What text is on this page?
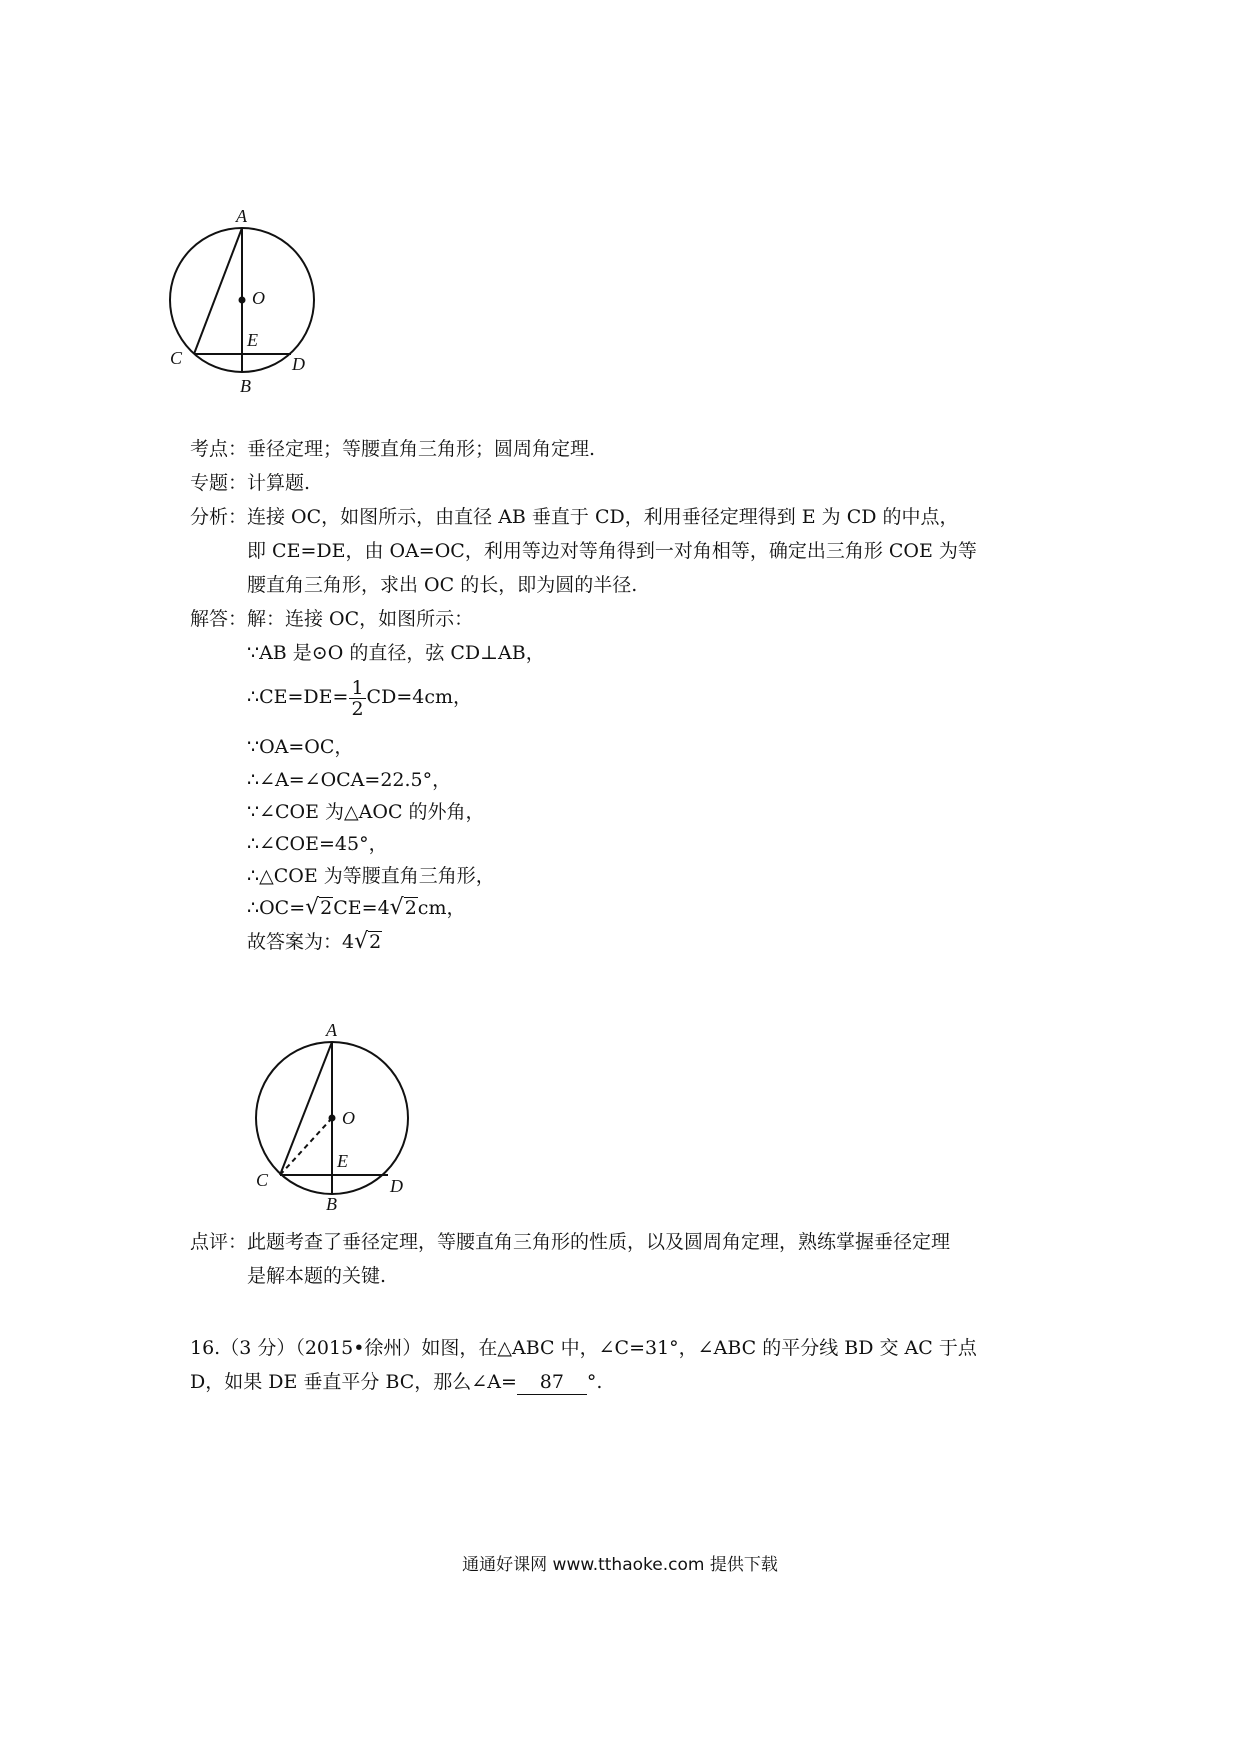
A
O
E
C	D
B
考点：垂径定理；等腰直角三角形；圆周角定理.
专题：计算题.
分析：连接 OC，如图所示，由直径 AB 垂直于 CD，利用垂径定理得到 E 为 CD 的中点，
即 CE=DE，由 OA=OC，利用等边对等角得到一对角相等，确定出三角形 COE 为等
腰直角三角形，求出 OC 的长，即为圆的半径.
解答：解：连接 OC，如图所示：
∵AB 是⊙O 的直径，弦 CD⊥AB，
∴CE=DE= $\frac{1}{2} CD=4cm$，
∵OA=OC，
∴∠A=∠OCA=22.5°，
∵∠COE 为△AOC 的外角，
∴∠COE=45°，
∴△COE 为等腰直角三角形，
∴OC=√2CE=4√2cm，
故答案为：4√2
A
O
E
C	D
B
点评：此题考查了垂径定理，等腰直角三角形的性质，以及圆周角定理，熟练掌握垂径定理
是解本题的关键.
16.（3 分）（2015•徐州）如图，在△ABC 中，∠C=31°，∠ABC 的平分线 BD 交 AC 于点
D，如果 DE 垂直平分 BC，那么∠A= 87 °.
通通好课网 www.tthaoke.com 提供下载
